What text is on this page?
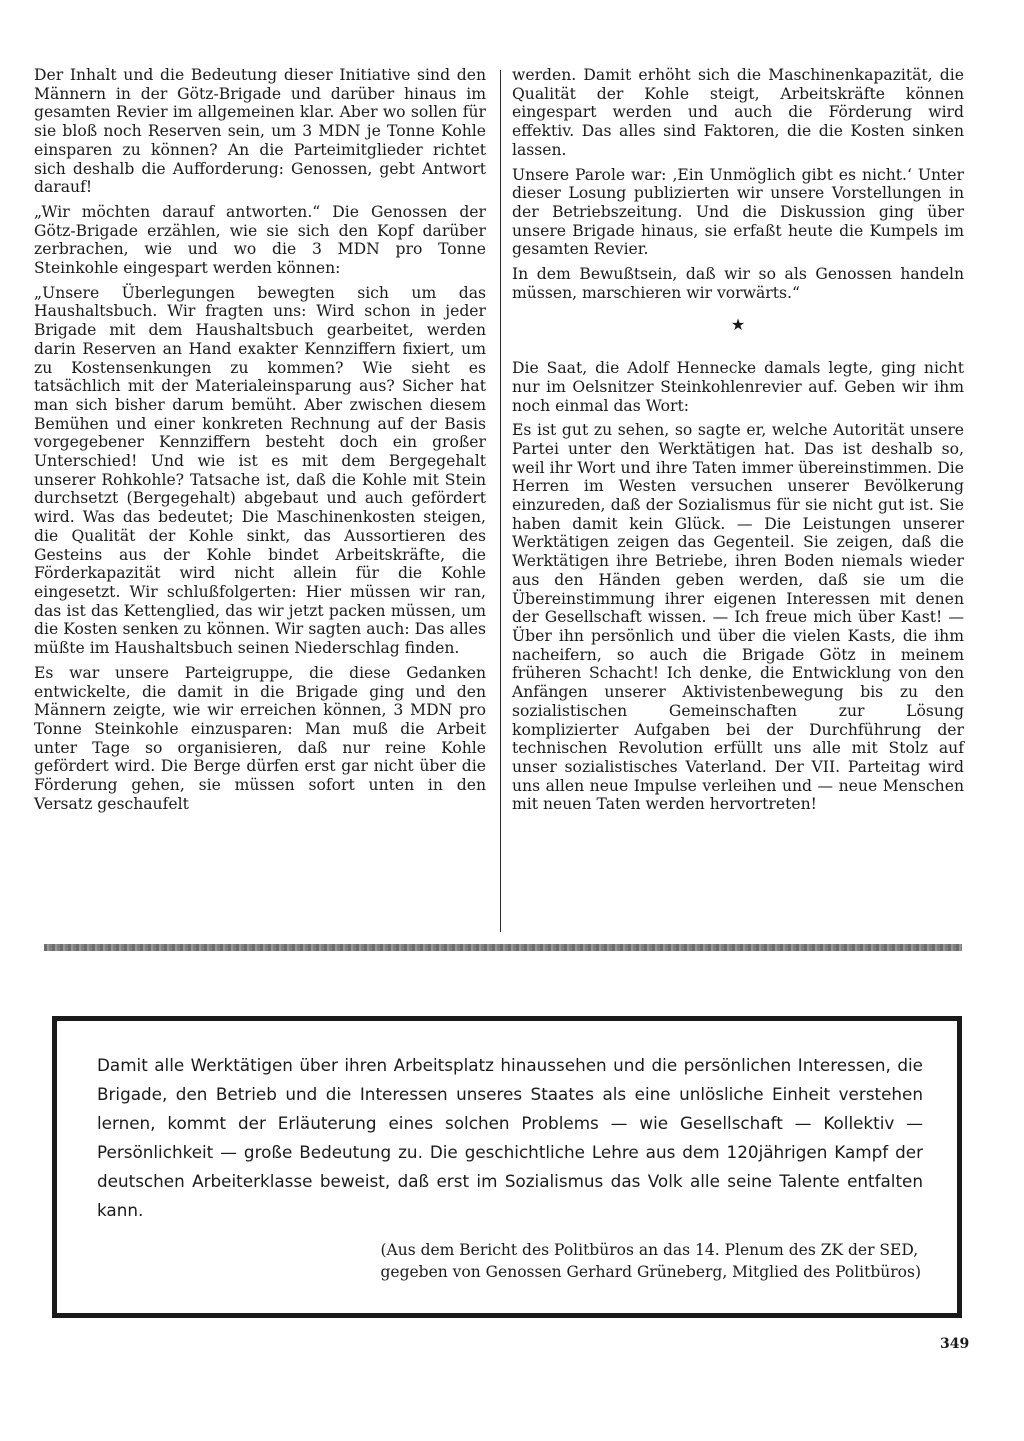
Der Inhalt und die Bedeutung dieser Initiative sind den Männern in der Götz-Brigade und darüber hinaus im gesamten Revier im allgemeinen klar. Aber wo sollen für sie bloß noch Reserven sein, um 3 MDN je Tonne Kohle einsparen zu können? An die Parteimitglieder richtet sich deshalb die Aufforderung: Genossen, gebt Antwort darauf!

„Wir möchten darauf antworten.“ Die Genossen der Götz-Brigade erzählen, wie sie sich den Kopf darüber zerbrachen, wie und wo die 3 MDN pro Tonne Steinkohle eingespart werden können:

„Unsere Überlegungen bewegten sich um das Haushaltsbuch. Wir fragten uns: Wird schon in jeder Brigade mit dem Haushaltsbuch gearbeitet, werden darin Reserven an Hand exakter Kennziffern fixiert, um zu Kostensenkungen zu kommen? Wie sieht es tatsächlich mit der Materialeinsparung aus? Sicher hat man sich bisher darum bemüht. Aber zwischen diesem Bemühen und einer konkreten Rechnung auf der Basis vorgegebener Kennziffern besteht doch ein großer Unterschied! Und wie ist es mit dem Bergegehalt unserer Rohkohle? Tatsache ist, daß die Kohle mit Stein durchsetzt (Bergegehalt) abgebaut und auch gefördert wird. Was das bedeutet; Die Maschinenkosten steigen, die Qualität der Kohle sinkt, das Aussortieren des Gesteins aus der Kohle bindet Arbeitskräfte, die Förderkapazität wird nicht allein für die Kohle eingesetzt. Wir schlußfolgerten: Hier müssen wir ran, das ist das Kettenglied, das wir jetzt packen müssen, um die Kosten senken zu können. Wir sagten auch: Das alles müßte im Haushaltsbuch seinen Niederschlag finden.

Es war unsere Parteigruppe, die diese Gedanken entwickelte, die damit in die Brigade ging und den Männern zeigte, wie wir erreichen können, 3 MDN pro Tonne Steinkohle einzusparen: Man muß die Arbeit unter Tage so organisieren, daß nur reine Kohle gefördert wird. Die Berge dürfen erst gar nicht über die Förderung gehen, sie müssen sofort unten in den Versatz geschaufelt

werden. Damit erhöht sich die Maschinenkapazität, die Qualität der Kohle steigt, Arbeitskräfte können eingespart werden und auch die Förderung wird effektiv. Das alles sind Faktoren, die die Kosten sinken lassen.

Unsere Parole war: ‚Ein Unmöglich gibt es nicht.‘ Unter dieser Losung publizierten wir unsere Vorstellungen in der Betriebszeitung. Und die Diskussion ging über unsere Brigade hinaus, sie erfaßt heute die Kumpels im gesamten Revier.

In dem Bewußtsein, daß wir so als Genossen handeln müssen, marschieren wir vorwärts.“

★

Die Saat, die Adolf Hennecke damals legte, ging nicht nur im Oelsnitzer Steinkohlenrevier auf. Geben wir ihm noch einmal das Wort:

Es ist gut zu sehen, so sagte er, welche Autorität unsere Partei unter den Werktätigen hat. Das ist deshalb so, weil ihr Wort und ihre Taten immer übereinstimmen. Die Herren im Westen versuchen unserer Bevölkerung einzureden, daß der Sozialismus für sie nicht gut ist. Sie haben damit kein Glück. — Die Leistungen unserer Werktätigen zeigen das Gegenteil. Sie zeigen, daß die Werktätigen ihre Betriebe, ihren Boden niemals wieder aus den Händen geben werden, daß sie um die Übereinstimmung ihrer eigenen Interessen mit denen der Gesellschaft wissen. — Ich freue mich über Kast! — Über ihn persönlich und über die vielen Kasts, die ihm nacheifern, so auch die Brigade Götz in meinem früheren Schacht! Ich denke, die Entwicklung von den Anfängen unserer Aktivistenbewegung bis zu den sozialistischen Gemeinschaften zur Lösung komplizierter Aufgaben bei der Durchführung der technischen Revolution erfüllt uns alle mit Stolz auf unser sozialistisches Vaterland. Der VII. Parteitag wird uns allen neue Impulse verleihen und — neue Menschen mit neuen Taten werden hervortreten!

Damit alle Werktätigen über ihren Arbeitsplatz hinaussehen und die persönlichen Interessen, die Brigade, den Betrieb und die Interessen unseres Staates als eine unlösliche Einheit verstehen lernen, kommt der Erläuterung eines solchen Problems — wie Gesellschaft — Kollektiv — Persönlichkeit — große Bedeutung zu. Die geschichtliche Lehre aus dem 120jährigen Kampf der deutschen Arbeiterklasse beweist, daß erst im Sozialismus das Volk alle seine Talente entfalten kann.

(Aus dem Bericht des Politbüros an das 14. Plenum des ZK der SED,
gegeben von Genossen Gerhard Grüneberg, Mitglied des Politbüros)
349
